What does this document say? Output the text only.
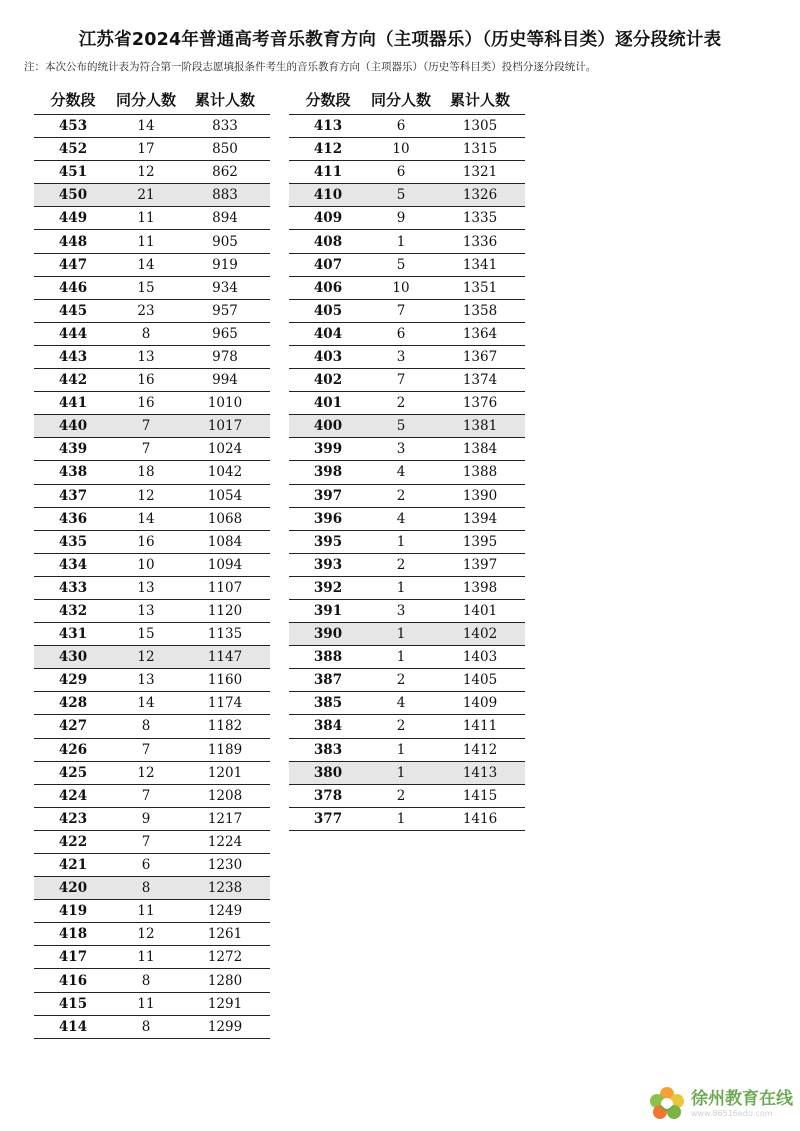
江苏省2024年普通高考音乐教育方向（主项器乐）（历史等科目类）逐分段统计表
注：本次公布的统计表为符合第一阶段志愿填报条件考生的音乐教育方向（主项器乐）（历史等科目类）投档分逐分段统计。
分数段	同分人数	累计人数
453	14	833
452	17	850
451	12	862
450	21	883
449	11	894
448	11	905
447	14	919
446	15	934
445	23	957
444	8	965
443	13	978
442	16	994
441	16	1010
440	7	1017
439	7	1024
438	18	1042
437	12	1054
436	14	1068
435	16	1084
434	10	1094
433	13	1107
432	13	1120
431	15	1135
430	12	1147
429	13	1160
428	14	1174
427	8	1182
426	7	1189
425	12	1201
424	7	1208
423	9	1217
422	7	1224
421	6	1230
420	8	1238
419	11	1249
418	12	1261
417	11	1272
416	8	1280
415	11	1291
414	8	1299
分数段	同分人数	累计人数
413	6	1305
412	10	1315
411	6	1321
410	5	1326
409	9	1335
408	1	1336
407	5	1341
406	10	1351
405	7	1358
404	6	1364
403	3	1367
402	7	1374
401	2	1376
400	5	1381
399	3	1384
398	4	1388
397	2	1390
396	4	1394
395	1	1395
393	2	1397
392	1	1398
391	3	1401
390	1	1402
388	1	1403
387	2	1405
385	4	1409
384	2	1411
383	1	1412
380	1	1413
378	2	1415
377	1	1416
徐州教育在线
www.86516edu.com
